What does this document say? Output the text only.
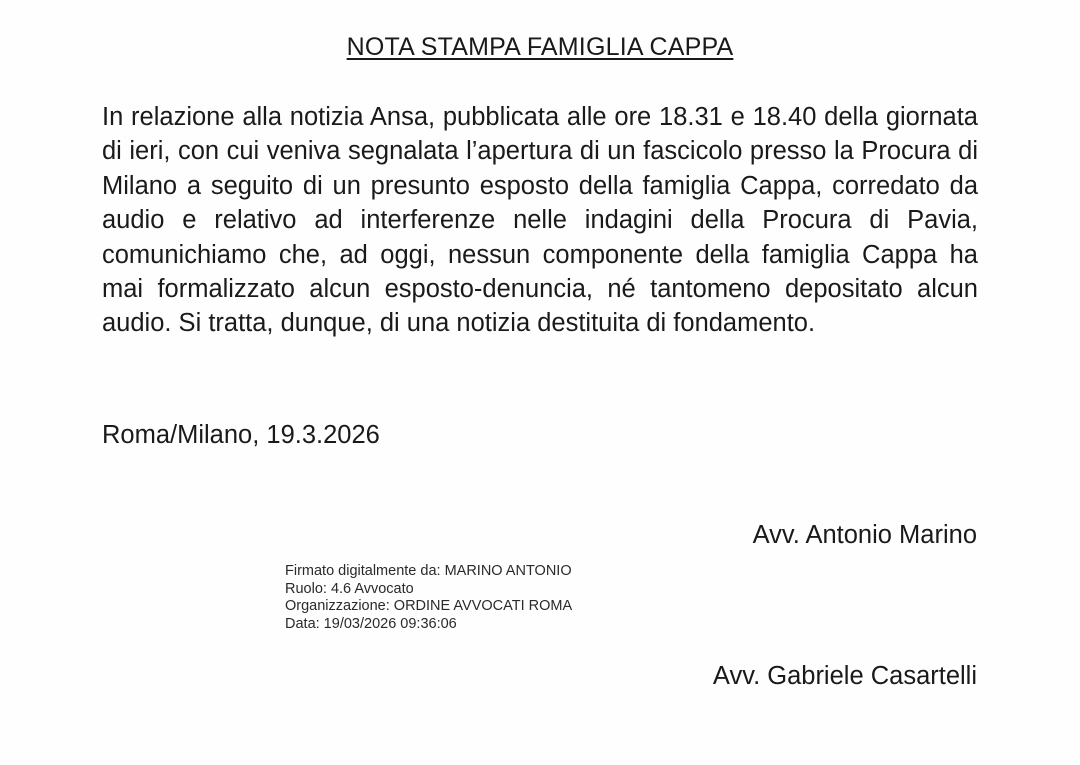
NOTA STAMPA FAMIGLIA CAPPA

In relazione alla notizia Ansa, pubblicata alle ore 18.31 e 18.40 della giornata di ieri, con cui veniva segnalata l’apertura di un fascicolo presso la Procura di Milano a seguito di un presunto esposto della famiglia Cappa, corredato da audio e relativo ad interferenze nelle indagini della Procura di Pavia, comunichiamo che, ad oggi, nessun componente della famiglia Cappa ha mai formalizzato alcun esposto-denuncia, né tantomeno depositato alcun audio. Si tratta, dunque, di una notizia destituita di fondamento.

Roma/Milano, 19.3.2026

Avv. Antonio Marino

Firmato digitalmente da: MARINO ANTONIO
Ruolo: 4.6 Avvocato
Organizzazione: ORDINE AVVOCATI ROMA
Data: 19/03/2026 09:36:06

Avv. Gabriele Casartelli
